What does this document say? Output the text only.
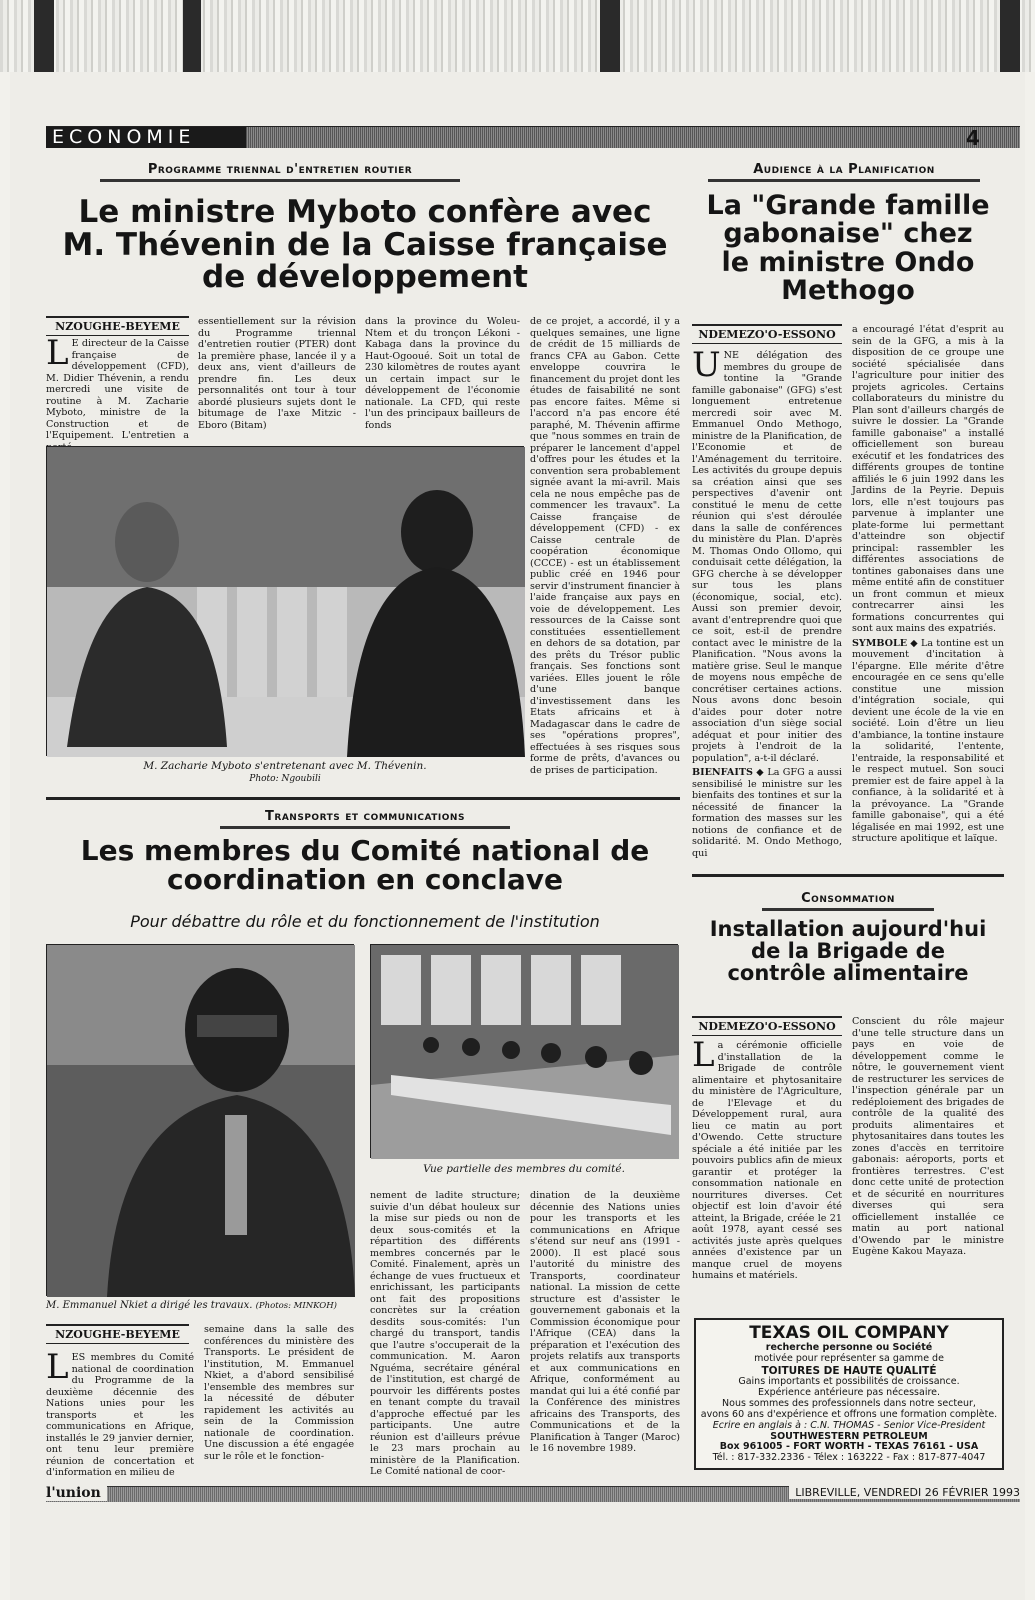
ECONOMIE	4
Programme triennal d'entretien routier
Le ministre Myboto confère avec M. Thévenin de la Caisse française de développement
NZOUGHE-BEYEME
L E directeur de la Caisse française de développement (CFD), M. Didier Thévenin, a rendu mercredi une visite de routine à M. Zacharie Myboto, ministre de la Construction et de l'Equipement. L'entretien a
essentiellement sur la révision du Programme triennal d'entretien routier (PTER) dont la première phase, lancée il y a deux ans, vient d'ailleurs de prendre fin. Les deux personnalités ont tour à tour abordé plusieurs sujets dont le bitumage de l'axe Mitzic - Eboro (Bitam)
dans la province du Woleu-Ntem et du tronçon Lékoni - Kabaga dans la province du Haut-Ogooué. Soit un total de 230 kilomètres de routes ayant un certain impact sur le développement de l'économie nationale. La CFD, qui reste l'un des principaux bailleurs de fonds
de ce projet, a accordé, il y a quelques semaines, une ligne de crédit de 15 milliards de francs CFA au Gabon. Cette enveloppe couvrira le financement du projet dont les études de faisabilité ne sont pas encore faites. Même si l'accord n'a pas encore été paraphé, M. Thévenin affirme que "nous sommes en train de préparer le lancement d'appel d'offres pour les études et la convention sera probablement signée avant la mi-avril. Mais cela ne nous empêche pas de commencer les travaux". La Caisse française de développement (CFD) - ex Caisse centrale de coopération économique (CCCE) - est un établissement public créé en 1946 pour servir d'instrument financier à l'aide française aux pays en voie de développement. Les ressources de la Caisse sont constituées essentiellement en dehors de sa dotation, par des prêts du Trésor public français. Ses fonctions sont variées. Elles jouent le rôle d'une banque d'investissement dans les Etats africains et à Madagascar dans le cadre de ses "opérations propres", effectuées à ses risques sous forme de prêts, d'avances ou de prises de participation.
M. Zacharie Myboto s'entretenant avec M. Thévenin.
Photo: Ngoubili
Transports et communications
Les membres du Comité national de coordination en conclave
Pour débattre du rôle et du fonctionnement de l'institution
M. Emmanuel Nkiet a dirigé les travaux. (Photos: MINKOH)
Vue partielle des membres du comité.
NZOUGHE-BEYEME
LES membres du Comité national de coordination du Programme de la deuxième décennie des Nations unies pour les transports et les communications en Afrique, installés le 29 janvier dernier, ont tenu leur première réunion de concertation et d'information en milieu de
semaine dans la salle des conférences du ministère des Transports. Le président de l'institution, M. Emmanuel Nkiet, a d'abord sensibilisé l'ensemble des membres sur la nécessité de débuter rapidement les activités au sein de la Commission nationale de coordination. Une discussion a été engagée sur le rôle et le fonction-
nement de ladite structure; suivie d'un débat houleux sur la mise sur pieds ou non de deux sous-comités et la répartition des différents membres concernés par le Comité. Finalement, après un échange de vues fructueux et enrichissant, les participants ont fait des propositions concrètes sur la création desdits sous-comités: l'un chargé du transport, tandis que l'autre s'occuperait de la communication. M. Aaron Nguéma, secrétaire général de l'institution, est chargé de pourvoir les différents postes en tenant compte du travail d'approche effectué par les participants. Une autre réunion est d'ailleurs prévue le 23 mars prochain au ministère de la Planification. Le Comité national de coor-
dination de la deuxième décennie des Nations unies pour les transports et les communications en Afrique s'étend sur neuf ans (1991 - 2000). Il est placé sous l'autorité du ministre des Transports, coordinateur national. La mission de cette structure est d'assister le gouvernement gabonais et la Commission économique pour l'Afrique (CEA) dans la préparation et l'exécution des projets relatifs aux transports et aux communications en Afrique, conformément au mandat qui lui a été confié par la Conférence des ministres africains des Transports, des Communications et de la Planification à Tanger (Maroc) le 16 novembre 1989.
Audience à la Planification
La "Grande famille gabonaise" chez le ministre Ondo Methogo
NDEMEZO'O-ESSONO
UNE délégation des membres du groupe de tontine la "Grande famille gabonaise" (GFG) s'est longuement entretenue mercredi soir avec M. Emmanuel Ondo Methogo, ministre de la Planification, de l'Economie et de l'Aménagement du territoire. Les activités du groupe depuis sa création ainsi que ses perspectives d'avenir ont constitué le menu de cette réunion qui s'est déroulée dans la salle de conférences du ministère du Plan. D'après M. Thomas Ondo Ollomo, qui conduisait cette délégation, la GFG cherche à se développer sur tous les plans (économique, social, etc). Aussi son premier devoir, avant d'entreprendre quoi que ce soit, est-il de prendre contact avec le ministre de la Planification. "Nous avons la matière grise. Seul le manque de moyens nous empêche de concrétiser certaines actions. Nous avons donc besoin d'aides pour doter notre association d'un siège social adéquat et pour initier des projets à l'endroit de la population", a-t-il déclaré.

BIENFAITS ◆ La GFG a aussi sensibilisé le ministre sur les bienfaits des tontines et sur la nécessité de financer la formation des masses sur les notions de confiance et de solidarité. M. Ondo Methogo, qui

a encouragé l'état d'esprit au sein de la GFG, a mis à la disposition de ce groupe une société spécialisée dans l'agriculture pour initier des projets agricoles. Certains collaborateurs du ministre du Plan sont d'ailleurs chargés de suivre le dossier. La "Grande famille gabonaise" a installé officiellement son bureau exécutif et les fondatrices des différents groupes de tontine affiliés le 6 juin 1992 dans les Jardins de la Peyrie. Depuis lors, elle n'est toujours pas parvenue à implanter une plate-forme lui permettant d'atteindre son objectif principal: rassembler les différentes associations de tontines gabonaises dans une même entité afin de constituer un front commun et mieux contrecarrer ainsi les formations concurrentes qui sont aux mains des expatriés.

SYMBOLE ◆ La tontine est un mouvement d'incitation à l'épargne. Elle mérite d'être encouragée en ce sens qu'elle constitue une mission d'intégration sociale, qui devient une école de la vie en société. Loin d'être un lieu d'ambiance, la tontine instaure la solidarité, l'entente, l'entraide, la responsabilité et le respect mutuel. Son souci premier est de faire appel à la confiance, à la solidarité et à la prévoyance. La "Grande famille gabonaise", qui a été légalisée en mai 1992, est une structure apolitique et laïque.

Consommation
Installation aujourd'hui de la Brigade de contrôle alimentaire
NDEMEZO'O-ESSONO
La cérémonie officielle d'installation de la Brigade de contrôle alimentaire et phytosanitaire du ministère de l'Agriculture, de l'Elevage et du Développement rural, aura lieu ce matin au port d'Owendo. Cette structure spéciale a été initiée par les pouvoirs publics afin de mieux garantir et protéger la consommation nationale en nourritures diverses. Cet objectif est loin d'avoir été atteint, la Brigade, créée le 21 août 1978, ayant cessé ses activités juste après quelques années d'existence par un manque cruel de moyens humains et matériels.
Conscient du rôle majeur d'une telle structure dans un pays en voie de développement comme le nôtre, le gouvernement vient de restructurer les services de l'inspection générale par un redéploiement des brigades de contrôle de la qualité des produits alimentaires et phytosanitaires dans toutes les zones d'accès en territoire gabonais: aéroports, ports et frontières terrestres. C'est donc cette unité de protection et de sécurité en nourritures diverses qui sera officiellement installée ce matin au port national d'Owendo par le ministre Eugène Kakou Mayaza.
TEXAS OIL COMPANY
recherche personne ou Société
motivée pour représenter sa gamme de
TOITURES DE HAUTE QUALITÉ
Gains importants et possibilités de croissance.
Expérience antérieure pas nécessaire.
Nous sommes des professionnels dans notre secteur,
avons 60 ans d'expérience et offrons une formation complète.
Ecrire en anglais à : C.N. THOMAS - Senior Vice-President
SOUTHWESTERN PETROLEUM
Box 961005 - FORT WORTH - TEXAS 76161 - USA
Tél. : 817-332.2336 - Télex : 163222 - Fax : 817-877-4047
l'union	LIBREVILLE, VENDREDI 26 FÉVRIER 1993
